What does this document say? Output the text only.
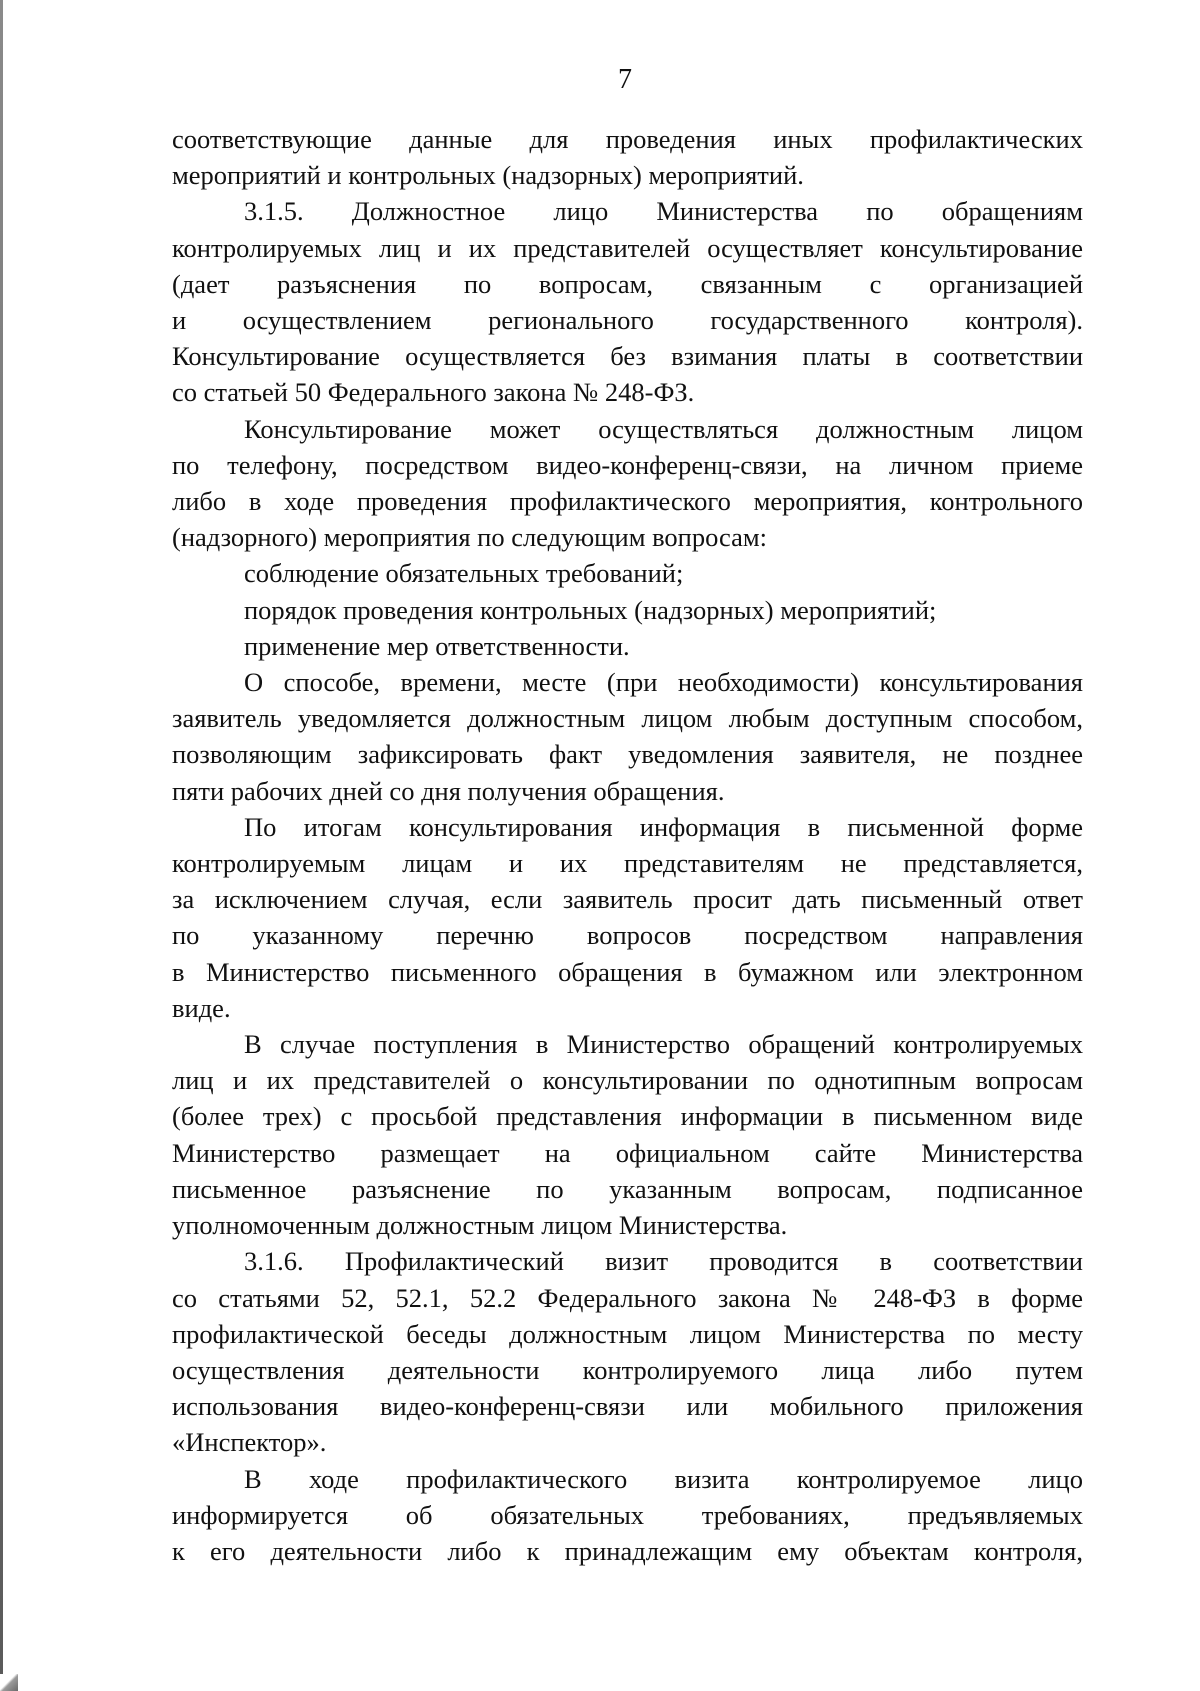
7
соответствующие данные для проведения иных профилактических
мероприятий и контрольных (надзорных) мероприятий.
3.1.5. Должностное лицо Министерства по обращениям
контролируемых лиц и их представителей осуществляет консультирование
(дает разъяснения по вопросам, связанным с организацией
и осуществлением регионального государственного контроля).
Консультирование осуществляется без взимания платы в соответствии
со статьей 50 Федерального закона № 248-ФЗ.
Консультирование может осуществляться должностным лицом
по телефону, посредством видео-конференц-связи, на личном приеме
либо в ходе проведения профилактического мероприятия, контрольного
(надзорного) мероприятия по следующим вопросам:
соблюдение обязательных требований;
порядок проведения контрольных (надзорных) мероприятий;
применение мер ответственности.
О способе, времени, месте (при необходимости) консультирования
заявитель уведомляется должностным лицом любым доступным способом,
позволяющим зафиксировать факт уведомления заявителя, не позднее
пяти рабочих дней со дня получения обращения.
По итогам консультирования информация в письменной форме
контролируемым лицам и их представителям не представляется,
за исключением случая, если заявитель просит дать письменный ответ
по указанному перечню вопросов посредством направления
в Министерство письменного обращения в бумажном или электронном
виде.
В случае поступления в Министерство обращений контролируемых
лиц и их представителей о консультировании по однотипным вопросам
(более трех) с просьбой представления информации в письменном виде
Министерство размещает на официальном сайте Министерства
письменное разъяснение по указанным вопросам, подписанное
уполномоченным должностным лицом Министерства.
3.1.6. Профилактический визит проводится в соответствии
со статьями 52, 52.1, 52.2 Федерального закона № 248-ФЗ в форме
профилактической беседы должностным лицом Министерства по месту
осуществления деятельности контролируемого лица либо путем
использования видео-конференц-связи или мобильного приложения
«Инспектор».
В ходе профилактического визита контролируемое лицо
информируется об обязательных требованиях, предъявляемых
к его деятельности либо к принадлежащим ему объектам контроля,
